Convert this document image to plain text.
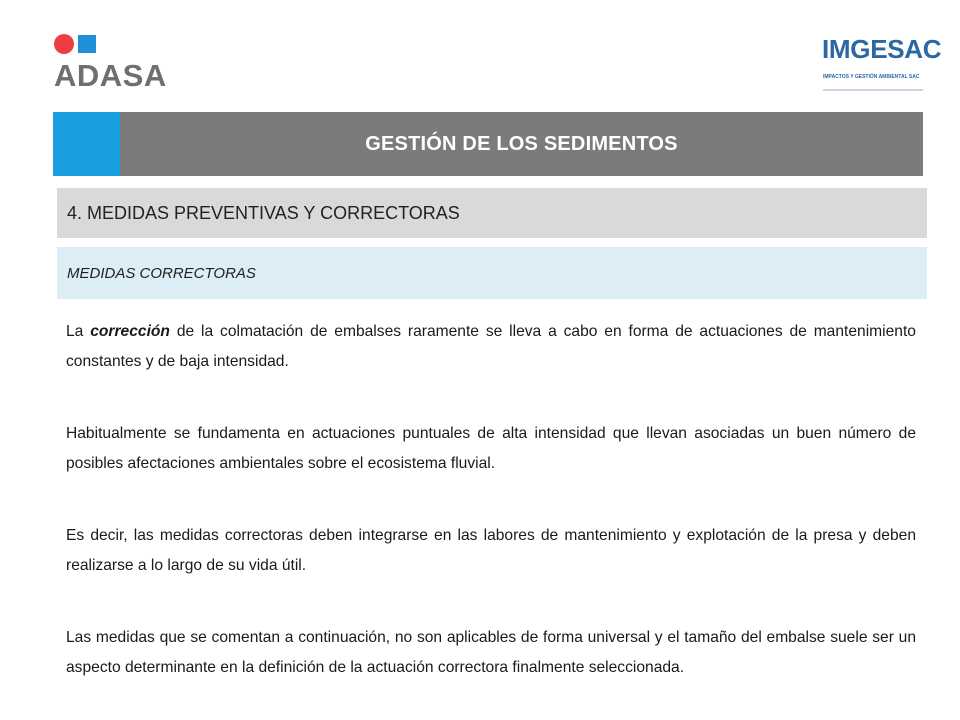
ADASA
IMGESAC
IMPACTOS Y GESTIÓN AMBIENTAL SAC
GESTIÓN DE LOS SEDIMENTOS
4. MEDIDAS PREVENTIVAS Y CORRECTORAS
MEDIDAS CORRECTORAS

La corrección de la colmatación de embalses raramente se lleva a cabo en forma de actuaciones de mantenimiento constantes y de baja intensidad.

Habitualmente se fundamenta en actuaciones puntuales de alta intensidad que llevan asociadas un buen número de posibles afectaciones ambientales sobre el ecosistema fluvial.

Es decir, las medidas correctoras deben integrarse en las labores de mantenimiento y explotación de la presa y deben realizarse a lo largo de su vida útil.

Las medidas que se comentan a continuación, no son aplicables de forma universal y el tamaño del embalse suele ser un aspecto determinante en la definición de la actuación correctora finalmente seleccionada.
